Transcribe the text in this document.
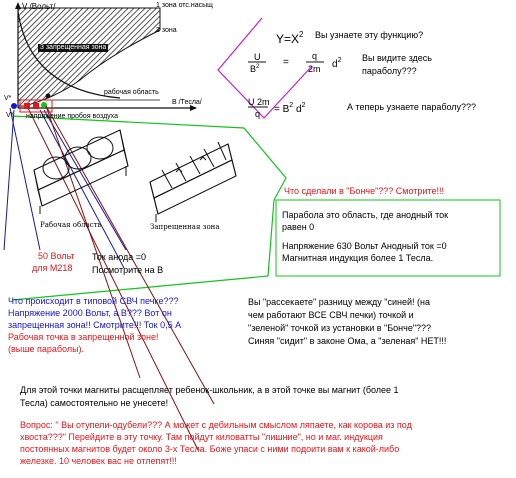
V /Вольт/	1 зона отс.насыщ
2 зона
3 запрещенная зона
V*
рабочая область
B /Тесла/
V* напряжение пробоя воздуха
$Y=X^2$ Вы узнаете эту функцию?
U
$B^2$ =
q
2m $d^2$ Вы видите здесь
параболу???
U 2m
$q = B^2$ $d^2$	А теперь узнаете параболу???
Рабочая область	Запрещенная зона
Что сделали в "Бонче"??? Смотрите!!!
Парабола это область, где анодный ток
равен 0
Напряжение 630 Вольт Анодный ток =0
Магнитная индукция более 1 Тесла.
50 Вольт
для М218
Ток анода =0
Посмотрите на В
Что происходит в типовой СВЧ печке???
Напряжение 2000 Вольт, а В??? Вот он
запрещенная зона!! Смотрите!!! Ток 0,5 А
Рабочая точка в запрещенной зоне!
(выше параболы).
Вы "рассекаете" разницу между "синей! (на
чем работают ВСЕ СВЧ печки) точкой и
"зеленой" точкой из установки в "Бонче"???
Синяя "сидит" в законе Ома, а "зеленая" НЕТ!!!
Для этой точки магниты расщепляет ребенок-школьник, а в этой точке вы магнит (более 1
Тесла) самостоятельно не унесете!
Вопрос: " Вы отупели-одубели??? А может с дебильным смыслом ляпаете, как корова из под
хвоста???" Перейдите в эту точку. Там пойдут киловатты "лишние", но и маг. индукция
постоянных магнитов будет около 3-х Тесла. Боже упаси с ними подоити вам к какой-либо
железке. 10 человек вас не отлепят!!!
